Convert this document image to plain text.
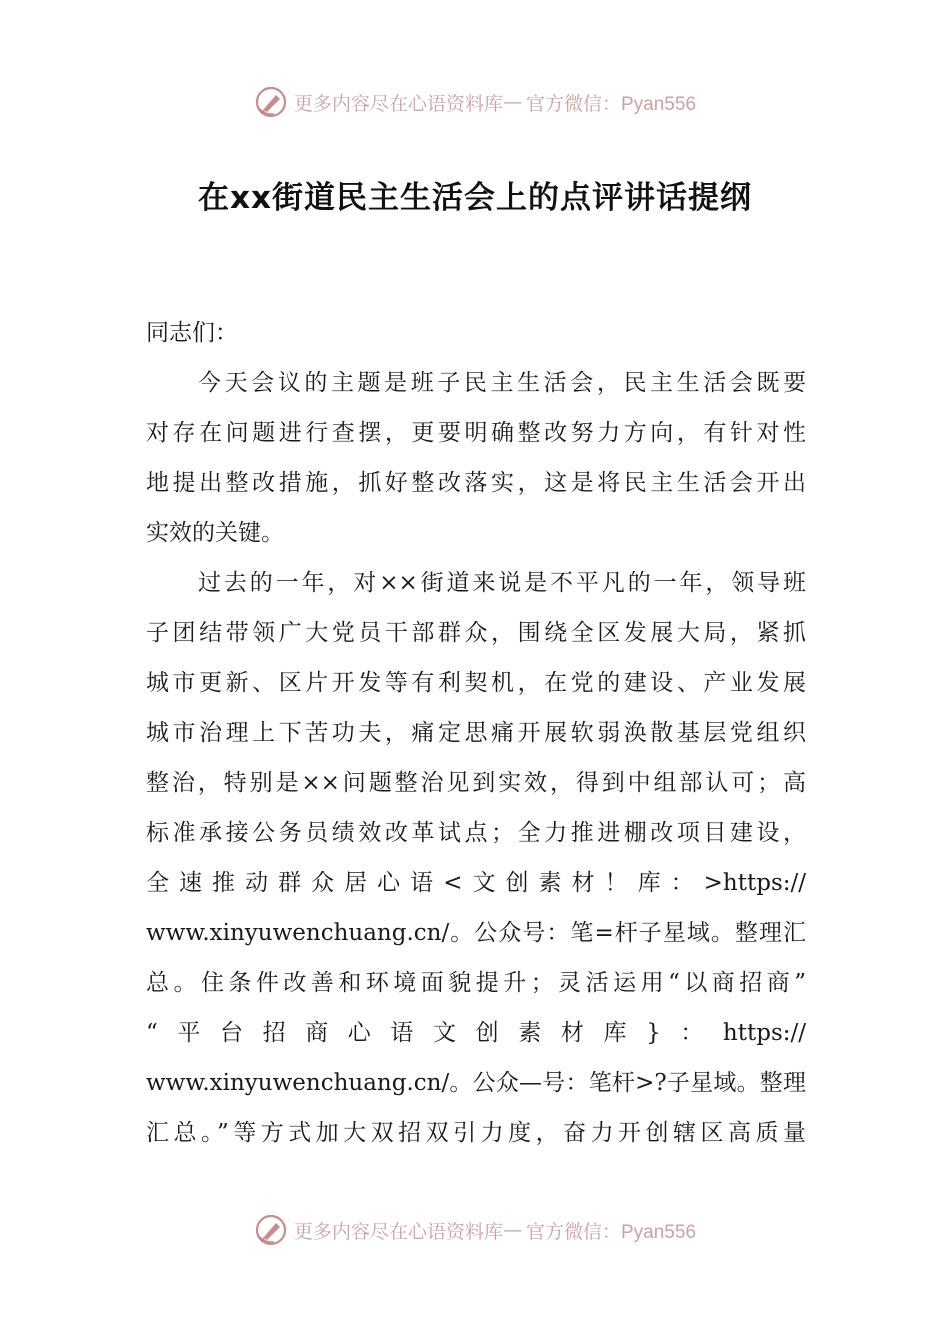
更多内容尽在心语资料库 — 官方微信：Pyan556
在xx街道民主生活会上的点评讲话提纲
同志们：
今天会议的主题是班子民主生活会，民主生活会既要
对存在问题进行查摆，更要明确整改努力方向，有针对性
地提出整改措施，抓好整改落实，这是将民主生活会开出
实效的关键。
过去的一年，对××街道来说是不平凡的一年，领导班
子团结带领广大党员干部群众，围绕全区发展大局，紧抓
城市更新、区片开发等有利契机，在党的建设、产业发展
城市治理上下苦功夫，痛定思痛开展软弱涣散基层党组织
整治，特别是××问题整治见到实效，得到中组部认可；高
标准承接公务员绩效改革试点；全力推进棚改项目建设，
全速推动群众居心语<文创素材！库：>https://
www.xinyuwenchuang.cn/。公众号：笔=杆子星域。整理汇
总。住条件改善和环境面貌提升；灵活运用“以商招商”
“平台招商心语文创素材库}：https://
www.xinyuwenchuang.cn/。公众—号：笔杆>?子星域。整理
汇总。”等方式加大双招双引力度，奋力开创辖区高质量
更多内容尽在心语资料库 — 官方微信：Pyan556
